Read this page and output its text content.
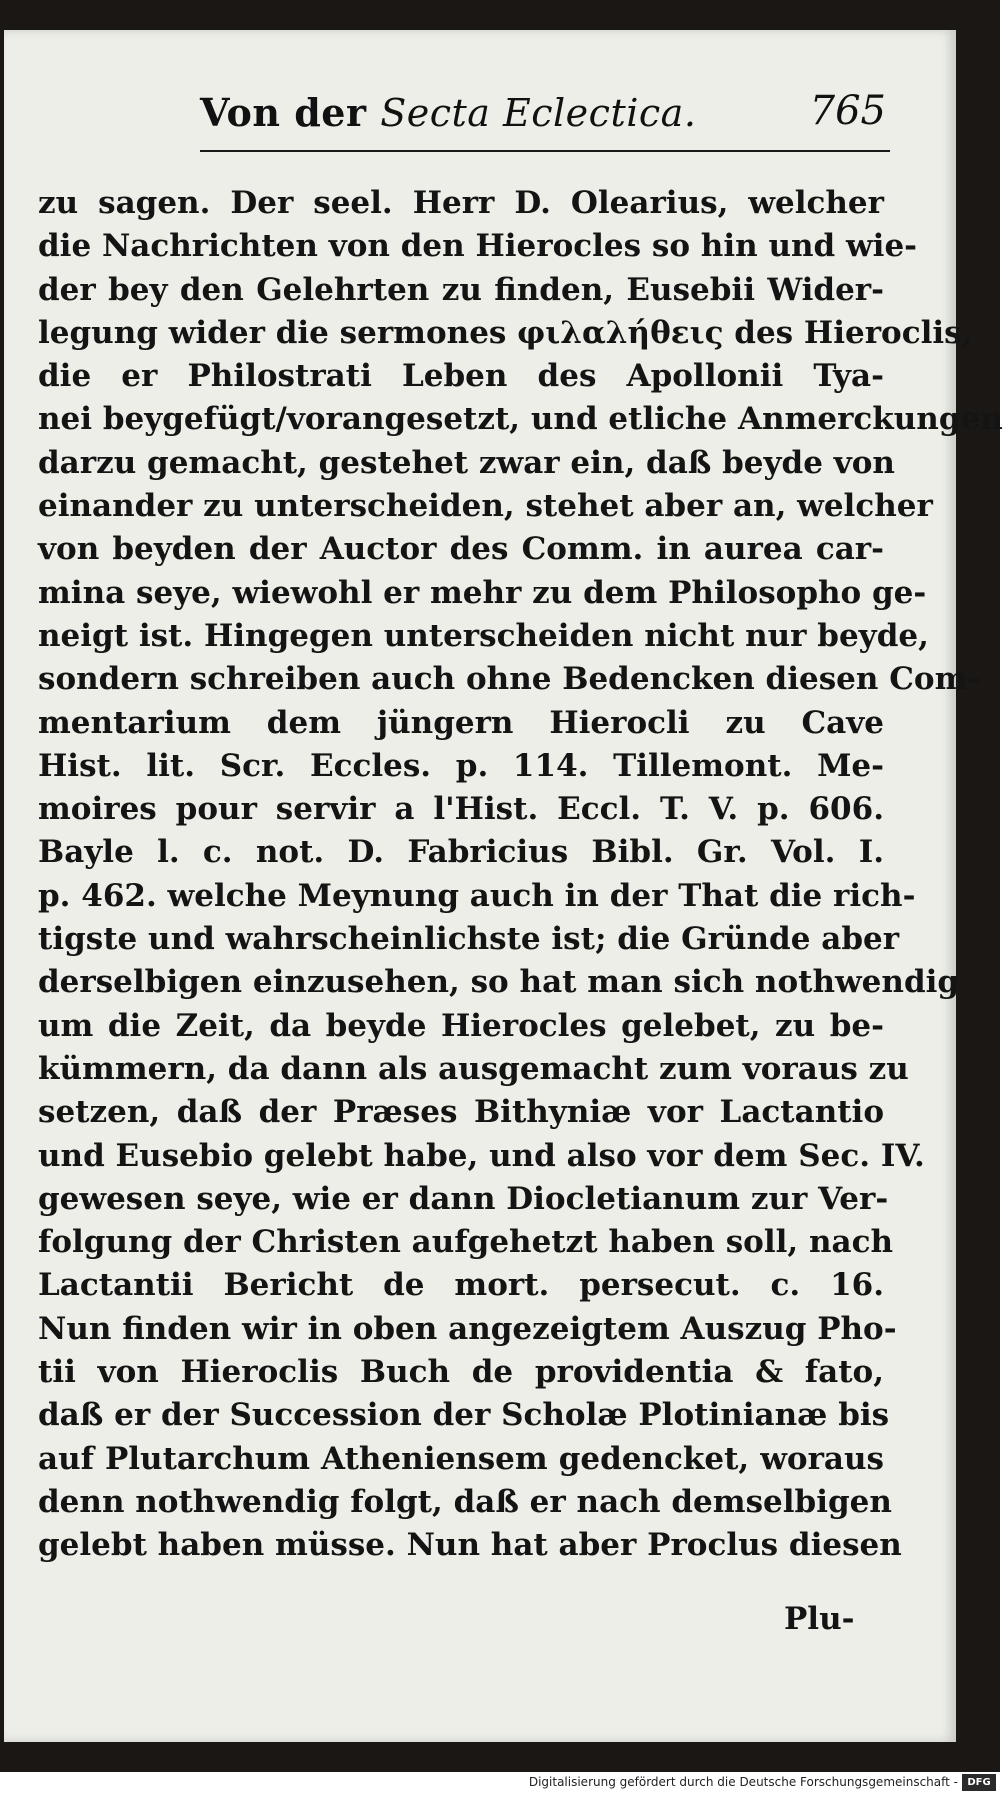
Von der Secta Eclectica.	765
zu sagen. Der seel. Herr D. Olearius, welcher
die Nachrichten von den Hierocles so hin und wie-
der bey den Gelehrten zu finden, Eusebii Wider-
legung wider die sermones φιλαλήθεις des Hieroclis,
die er Philostrati Leben des Apollonii Tya-
nei beygefügt/vorangesetzt, und etliche Anmerckungen
darzu gemacht, gestehet zwar ein, daß beyde von
einander zu unterscheiden, stehet aber an, welcher
von beyden der Auctor des Comm. in aurea car-
mina seye, wiewohl er mehr zu dem Philosopho ge-
neigt ist. Hingegen unterscheiden nicht nur beyde,
sondern schreiben auch ohne Bedencken diesen Com-
mentarium dem jüngern Hierocli zu Cave
Hist. lit. Scr. Eccles. p. 114. Tillemont. Me-
moires pour servir a l'Hist. Eccl. T. V. p. 606.
Bayle l. c. not. D. Fabricius Bibl. Gr. Vol. I.
p. 462. welche Meynung auch in der That die rich-
tigste und wahrscheinlichste ist; die Gründe aber
derselbigen einzusehen, so hat man sich nothwendig
um die Zeit, da beyde Hierocles gelebet, zu be-
kümmern, da dann als ausgemacht zum voraus zu
setzen, daß der Præses Bithyniæ vor Lactantio
und Eusebio gelebt habe, und also vor dem Sec. IV.
gewesen seye, wie er dann Diocletianum zur Ver-
folgung der Christen aufgehetzt haben soll, nach
Lactantii Bericht de mort. persecut. c. 16.
Nun finden wir in oben angezeigtem Auszug Pho-
tii von Hieroclis Buch de providentia & fato,
daß er der Succession der Scholæ Plotinianæ bis
auf Plutarchum Atheniensem gedencket, woraus
denn nothwendig folgt, daß er nach demselbigen
gelebt haben müsse. Nun hat aber Proclus diesen
Plu-
Digitalisierung gefördert durch die Deutsche Forschungsgemeinschaft - DFG
